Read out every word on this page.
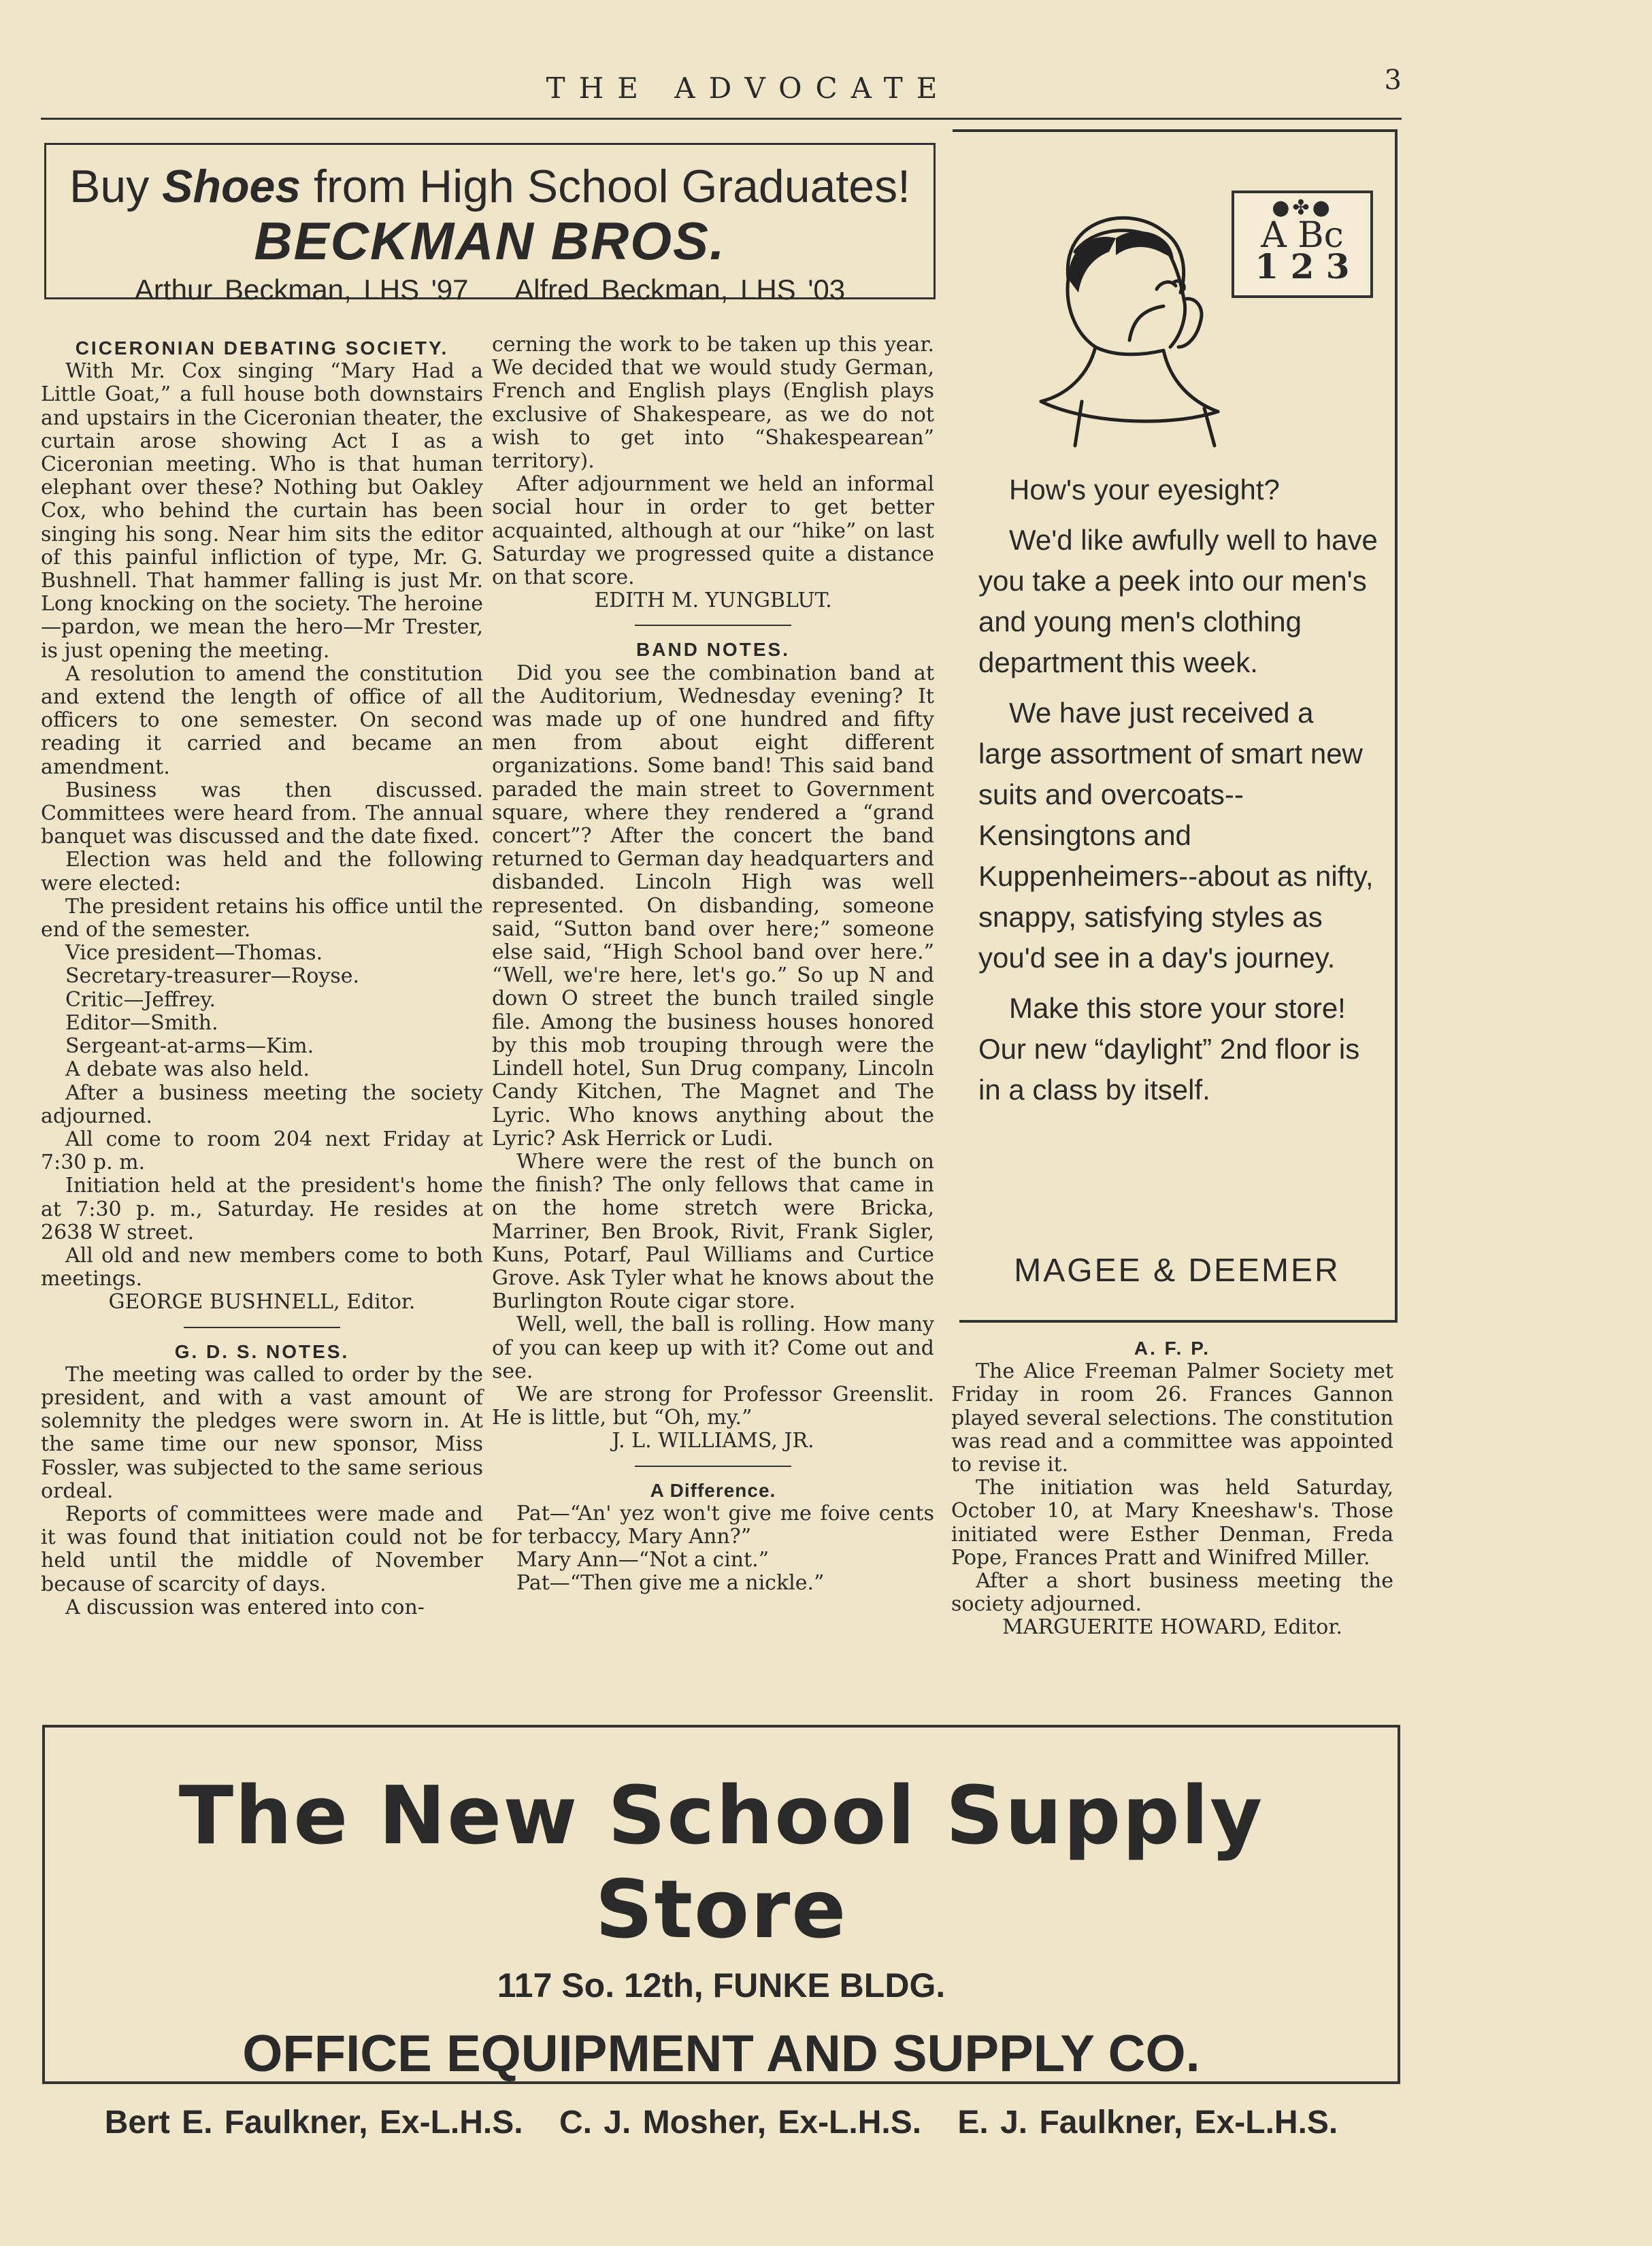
THE ADVOCATE	3
Buy Shoes from High School Graduates!
BECKMAN BROS.
Arthur Beckman, LHS '97 Alfred Beckman, LHS '03
CICERONIAN DEBATING SOCIETY.

With Mr. Cox singing “Mary Had a Little Goat,” a full house both downstairs and upstairs in the Ciceronian theater, the curtain arose showing Act I as a Ciceronian meeting. Who is that human elephant over these? Nothing but Oakley Cox, who behind the curtain has been singing his song. Near him sits the editor of this painful infliction of type, Mr. G. Bushnell. That hammer falling is just Mr. Long knocking on the society. The heroine —pardon, we mean the hero—Mr Trester, is just opening the meeting.

A resolution to amend the constitution and extend the length of office of all officers to one semester. On second reading it carried and became an amendment.

Business was then discussed. Committees were heard from. The annual banquet was discussed and the date fixed.

Election was held and the following were elected:

The president retains his office until the end of the semester.

Vice president—Thomas.

Secretary-treasurer—Royse.

Critic—Jeffrey.

Editor—Smith.

Sergeant-at-arms—Kim.

A debate was also held.

After a business meeting the society adjourned.

All come to room 204 next Friday at 7:30 p. m.

Initiation held at the president's home at 7:30 p. m., Saturday. He resides at 2638 W street.

All old and new members come to both meetings.

GEORGE BUSHNELL, Editor.

G. D. S. NOTES.

The meeting was called to order by the president, and with a vast amount of solemnity the pledges were sworn in. At the same time our new sponsor, Miss Fossler, was subjected to the same serious ordeal.

Reports of committees were made and it was found that initiation could not be held until the middle of November because of scarcity of days.

A discussion was entered into con-

cerning the work to be taken up this year. We decided that we would study German, French and English plays (English plays exclusive of Shakespeare, as we do not wish to get into “Shakespearean” territory).

After adjournment we held an informal social hour in order to get better acquainted, although at our “hike” on last Saturday we progressed quite a distance on that score.

EDITH M. YUNGBLUT.

BAND NOTES.

Did you see the combination band at the Auditorium, Wednesday evening? It was made up of one hundred and fifty men from about eight different organizations. Some band! This said band paraded the main street to Government square, where they rendered a “grand concert”? After the concert the band returned to German day headquarters and disbanded. Lincoln High was well represented. On disbanding, someone said, “Sutton band over here;” someone else said, “High School band over here.” “Well, we're here, let's go.” So up N and down O street the bunch trailed single file. Among the business houses honored by this mob trouping through were the Lindell hotel, Sun Drug company, Lincoln Candy Kitchen, The Magnet and The Lyric. Who knows anything about the Lyric? Ask Herrick or Ludi.

Where were the rest of the bunch on the finish? The only fellows that came in on the home stretch were Bricka, Marriner, Ben Brook, Rivit, Frank Sigler, Kuns, Potarf, Paul Williams and Curtice Grove. Ask Tyler what he knows about the Burlington Route cigar store.

Well, well, the ball is rolling. How many of you can keep up with it? Come out and see.

We are strong for Professor Greenslit. He is little, but “Oh, my.”

J. L. WILLIAMS, JR.

A Difference.

Pat—“An' yez won't give me foive cents for terbaccy, Mary Ann?”

Mary Ann—“Not a cint.”

Pat—“Then give me a nickle.”

●✤●
A Bc
1 2 3

How's your eyesight?

We'd like awfully well to have you take a peek into our men's and young men's clothing department this week.

We have just received a large assortment of smart new suits and overcoats--Kensingtons and Kuppenheimers--about as nifty, snappy, satisfying styles as you'd see in a day's journey.

Make this store your store! Our new “daylight” 2nd floor is in a class by itself.

MAGEE & DEEMER
A. F. P.

The Alice Freeman Palmer Society met Friday in room 26. Frances Gannon played several selections. The constitution was read and a committee was appointed to revise it.

The initiation was held Saturday, October 10, at Mary Kneeshaw's. Those initiated were Esther Denman, Freda Pope, Frances Pratt and Winifred Miller.

After a short business meeting the society adjourned.

MARGUERITE HOWARD, Editor.

The New School Supply Store
117 So. 12th, FUNKE BLDG.
OFFICE EQUIPMENT AND SUPPLY CO.
Bert E. Faulkner, Ex-L.H.S. C. J. Mosher, Ex-L.H.S. E. J. Faulkner, Ex-L.H.S.
